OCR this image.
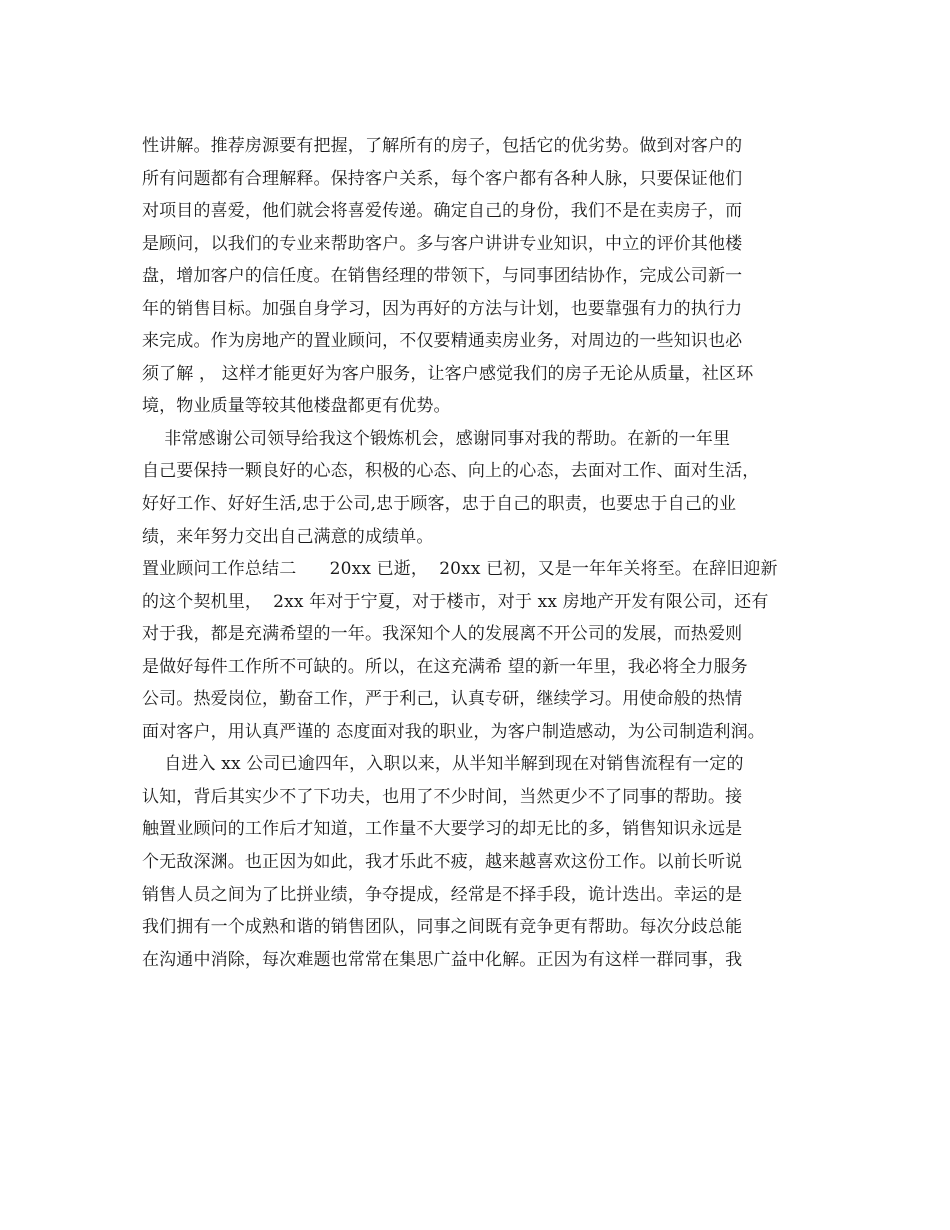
性讲解。推荐房源要有把握，了解所有的房子，包括它的优劣势。做到对客户的
所有问题都有合理解释。保持客户关系，每个客户都有各种人脉，只要保证他们
对项目的喜爱，他们就会将喜爱传递。确定自己的身份，我们不是在卖房子，而
是顾问，以我们的专业来帮助客户。多与客户讲讲专业知识，中立的评价其他楼
盘，增加客户的信任度。在销售经理的带领下，与同事团结协作，完成公司新一
年的销售目标。加强自身学习，因为再好的方法与计划，也要靠强有力的执行力
来完成。作为房地产的置业顾问，不仅要精通卖房业务，对周边的一些知识也必
须了解 ， 这样才能更好为客户服务，让客户感觉我们的房子无论从质量，社区环
境，物业质量等较其他楼盘都更有优势。
非常感谢公司领导给我这个锻炼机会，感谢同事对我的帮助。在新的一年里
自己要保持一颗良好的心态，积极的心态、向上的心态，去面对工作、面对生活，
好好工作、好好生活,忠于公司,忠于顾客，忠于自己的职责，也要忠于自己的业
绩，来年努力交出自己满意的成绩单。
置业顾问工作总结二      20xx 已逝，  20xx 已初，又是一年年关将至。在辞旧迎新
的这个契机里，  2xx 年对于宁夏，对于楼市，对于 xx 房地产开发有限公司，还有
对于我，都是充满希望的一年。我深知个人的发展离不开公司的发展，而热爱则
是做好每件工作所不可缺的。所以，在这充满希 望的新一年里，我必将全力服务
公司。热爱岗位，勤奋工作，严于利己，认真专研，继续学习。用使命般的热情
面对客户，用认真严谨的 态度面对我的职业，为客户制造感动，为公司制造利润。
自进入 xx 公司已逾四年，入职以来，从半知半解到现在对销售流程有一定的
认知，背后其实少不了下功夫，也用了不少时间，当然更少不了同事的帮助。接
触置业顾问的工作后才知道，工作量不大要学习的却无比的多，销售知识永远是
个无敌深渊。也正因为如此，我才乐此不疲，越来越喜欢这份工作。以前长听说
销售人员之间为了比拼业绩，争夺提成，经常是不择手段，诡计迭出。幸运的是
我们拥有一个成熟和谐的销售团队，同事之间既有竞争更有帮助。每次分歧总能
在沟通中消除，每次难题也常常在集思广益中化解。正因为有这样一群同事，我
